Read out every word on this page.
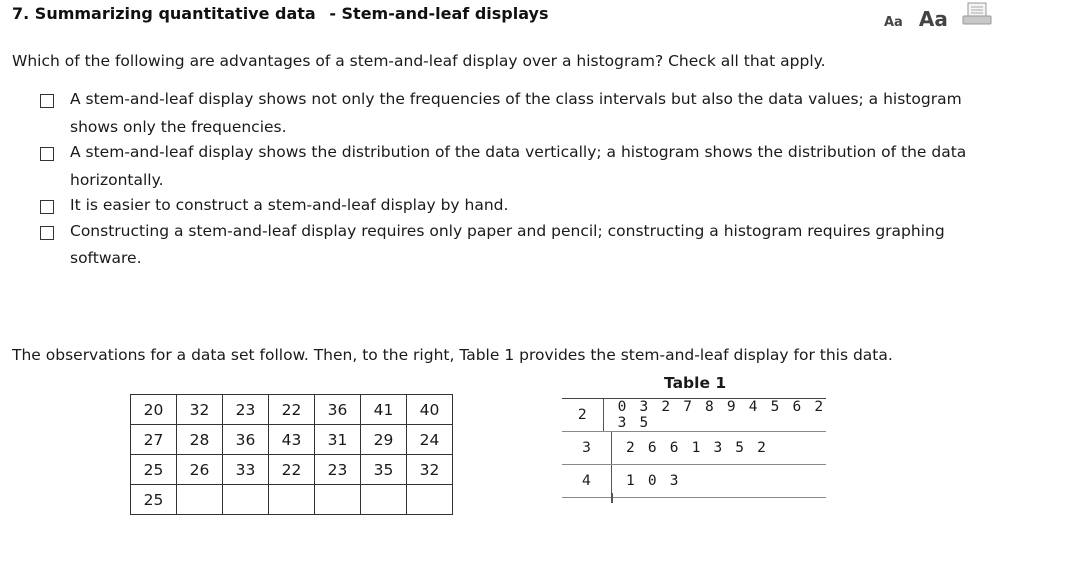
7. Summarizing quantitative data - Stem-and-leaf displays	Aa Aa
Which of the following are advantages of a stem-and-leaf display over a histogram? Check all that apply.
A stem-and-leaf display shows not only the frequencies of the class intervals but also the data values; a histogram shows only the frequencies.
A stem-and-leaf display shows the distribution of the data vertically; a histogram shows the distribution of the data horizontally.
It is easier to construct a stem-and-leaf display by hand.
Constructing a stem-and-leaf display requires only paper and pencil; constructing a histogram requires graphing software.
The observations for a data set follow. Then, to the right, Table 1 provides the stem-and-leaf display for this data.
20	32	23	22	36	41	40
27	28	36	43	31	29	24
25	26	33	22	23	35	32
25						
Table 1
2	0 3 2 7 8 9 4 5 6 2 3 5
3	2 6 6 1 3 5 2
4	1 0 3
